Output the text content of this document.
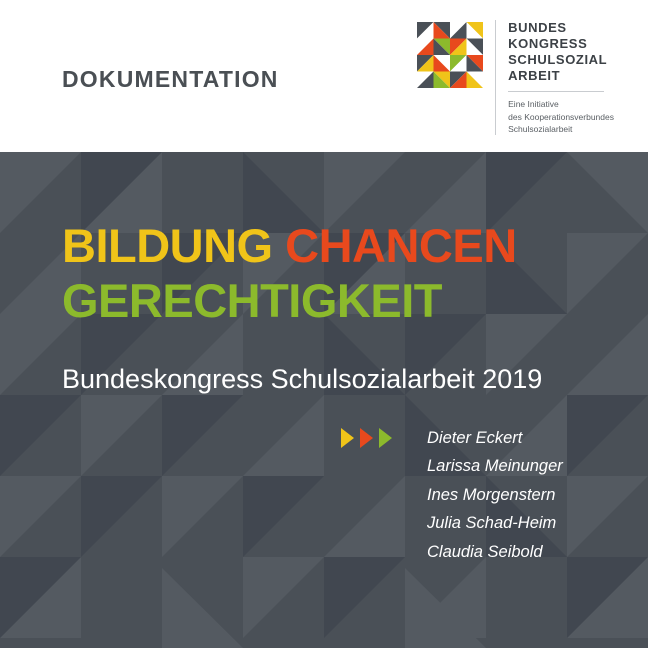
DOKUMENTATION
BUNDES
KONGRESS
SCHULSOZIAL
ARBEIT
Eine Initiative
des Kooperationsverbundes
Schulsozialarbeit
BILDUNG CHANCEN
GERECHTIGKEIT
Bundeskongress Schulsozialarbeit 2019
Dieter Eckert
Larissa Meinunger
Ines Morgenstern
Julia Schad-Heim
Claudia Seibold
